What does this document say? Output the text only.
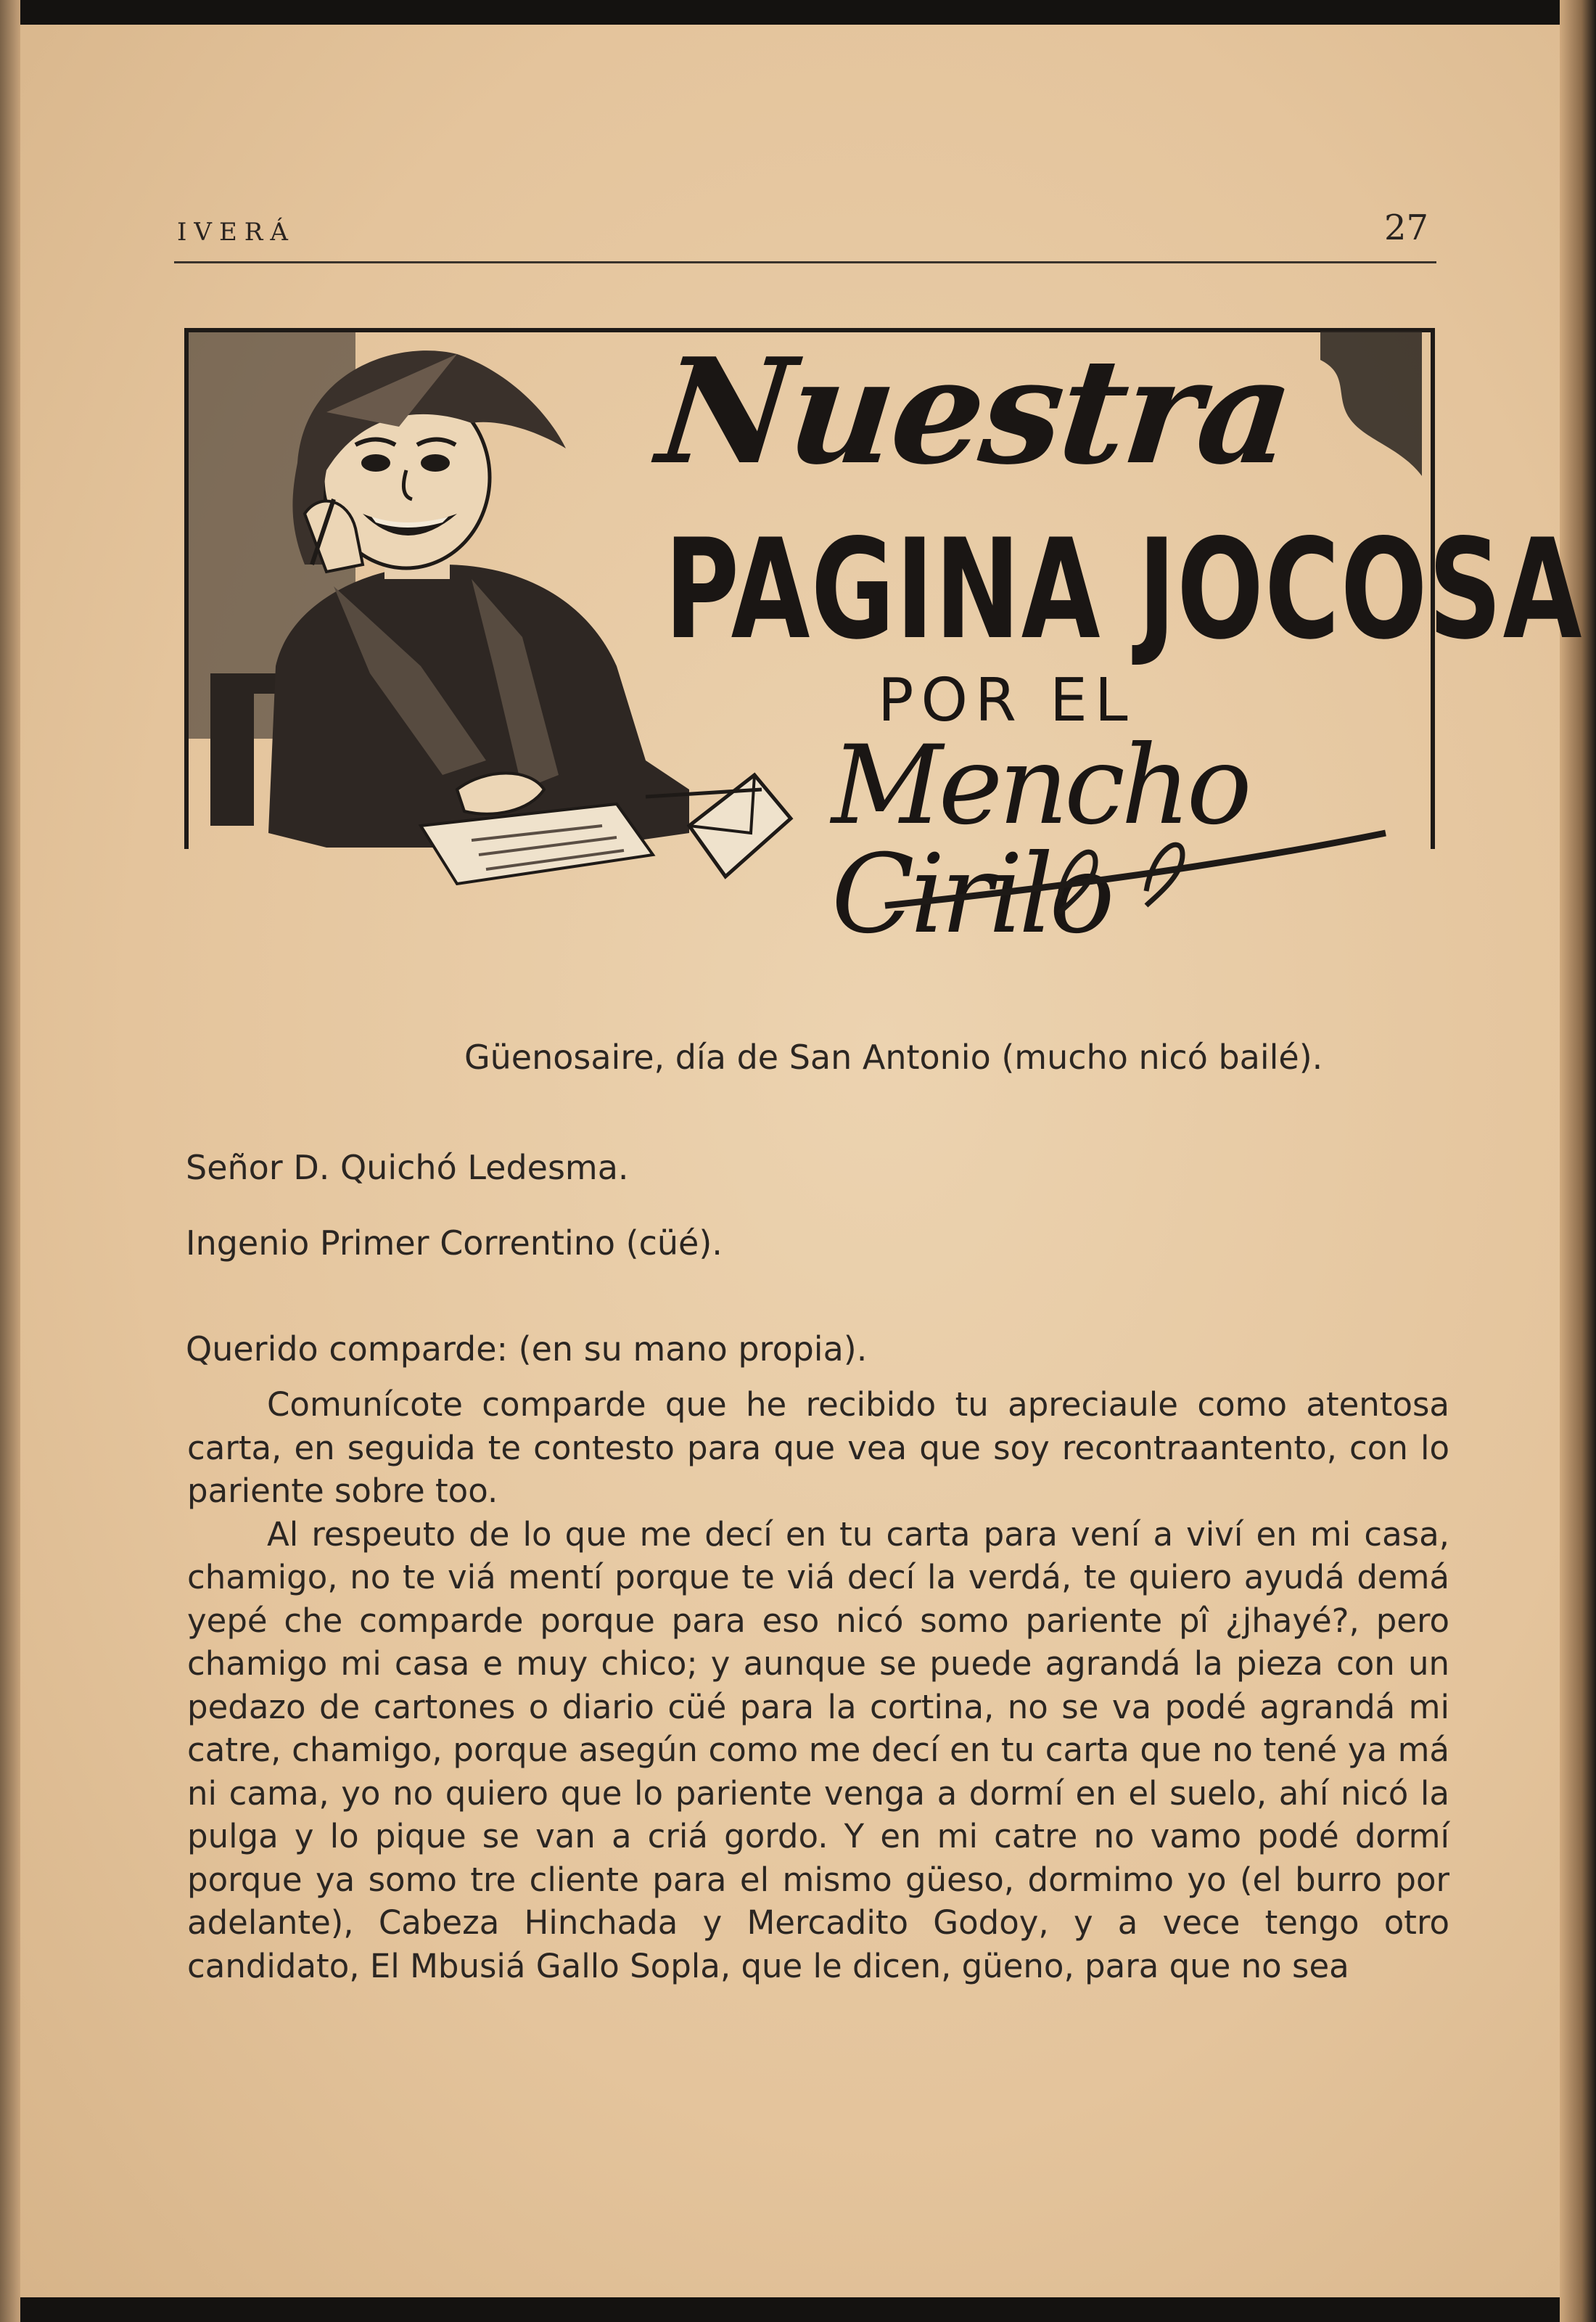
IVERÁ	27
Nuestra
PAGINA JOCOSA
POR EL
Mencho Cirilo
Güenosaire, día de San Antonio (mucho nicó bailé).
Señor D. Quichó Ledesma.
Ingenio Primer Correntino (cüé).
Querido comparde: (en su mano propia).

Comunícote comparde que he recibido tu apreciaule como atentosa carta, en seguida te contesto para que vea que soy recontraantento, con lo pariente sobre too.

Al respeuto de lo que me decí en tu carta para vení a viví en mi casa, chamigo, no te viá mentí porque te viá decí la verdá, te quiero ayudá demá yepé che comparde porque para eso nicó somo pariente pî ¿jhayé?, pero chamigo mi casa e muy chico; y aunque se puede agrandá la pieza con un pedazo de cartones o diario cüé para la cortina, no se va podé agrandá mi catre, chamigo, porque asegún como me decí en tu carta que no tené ya má ni cama, yo no quiero que lo pariente venga a dormí en el suelo, ahí nicó la pulga y lo pique se van a criá gordo. Y en mi catre no vamo podé dormí porque ya somo tre cliente para el mismo güeso, dormimo yo (el burro por adelante), Cabeza Hinchada y Mercadito Godoy, y a vece tengo otro candidato, El Mbusiá Gallo Sopla, que le dicen, güeno, para que no sea
